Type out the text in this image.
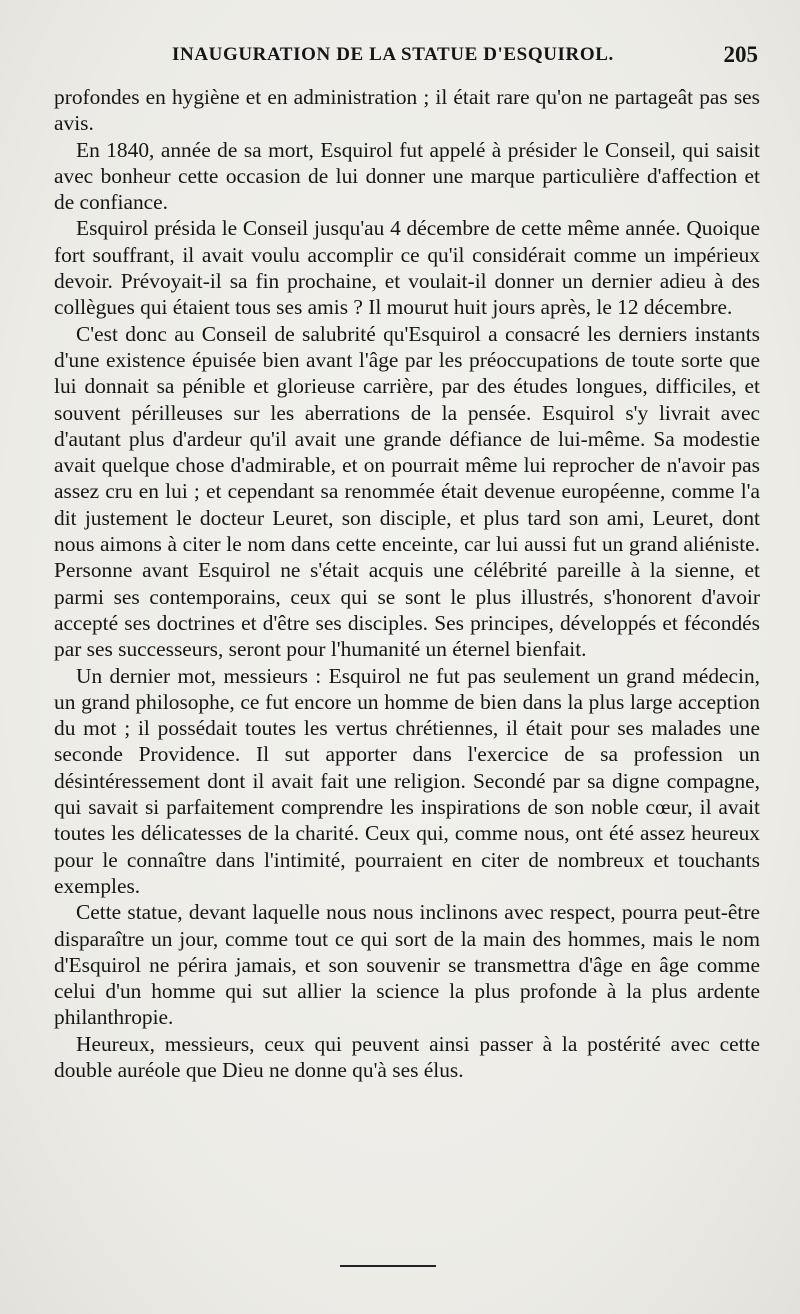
INAUGURATION DE LA STATUE D'ESQUIROL.	205

profondes en hygiène et en administration ; il était rare qu'on ne partageât pas ses avis.

En 1840, année de sa mort, Esquirol fut appelé à présider le Conseil, qui saisit avec bonheur cette occasion de lui donner une marque particulière d'affection et de confiance.

Esquirol présida le Conseil jusqu'au 4 décembre de cette même année. Quoique fort souffrant, il avait voulu accomplir ce qu'il considérait comme un impérieux devoir. Prévoyait-il sa fin prochaine, et voulait-il donner un dernier adieu à des collègues qui étaient tous ses amis ? Il mourut huit jours après, le 12 décembre.

C'est donc au Conseil de salubrité qu'Esquirol a consacré les derniers instants d'une existence épuisée bien avant l'âge par les préoccupations de toute sorte que lui donnait sa pénible et glorieuse carrière, par des études longues, difficiles, et souvent périlleuses sur les aberrations de la pensée. Esquirol s'y livrait avec d'autant plus d'ardeur qu'il avait une grande défiance de lui-même. Sa modestie avait quelque chose d'admirable, et on pourrait même lui reprocher de n'avoir pas assez cru en lui ; et cependant sa renommée était devenue européenne, comme l'a dit justement le docteur Leuret, son disciple, et plus tard son ami, Leuret, dont nous aimons à citer le nom dans cette enceinte, car lui aussi fut un grand aliéniste. Personne avant Esquirol ne s'était acquis une célébrité pareille à la sienne, et parmi ses contemporains, ceux qui se sont le plus illustrés, s'honorent d'avoir accepté ses doctrines et d'être ses disciples. Ses principes, développés et fécondés par ses successeurs, seront pour l'humanité un éternel bienfait.

Un dernier mot, messieurs : Esquirol ne fut pas seulement un grand médecin, un grand philosophe, ce fut encore un homme de bien dans la plus large acception du mot ; il possédait toutes les vertus chrétiennes, il était pour ses malades une seconde Providence. Il sut apporter dans l'exercice de sa profession un désintéressement dont il avait fait une religion. Secondé par sa digne compagne, qui savait si parfaitement comprendre les inspirations de son noble cœur, il avait toutes les délicatesses de la charité. Ceux qui, comme nous, ont été assez heureux pour le connaître dans l'intimité, pourraient en citer de nombreux et touchants exemples.

Cette statue, devant laquelle nous nous inclinons avec respect, pourra peut-être disparaître un jour, comme tout ce qui sort de la main des hommes, mais le nom d'Esquirol ne périra jamais, et son souvenir se transmettra d'âge en âge comme celui d'un homme qui sut allier la science la plus profonde à la plus ardente philanthropie.

Heureux, messieurs, ceux qui peuvent ainsi passer à la postérité avec cette double auréole que Dieu ne donne qu'à ses élus.
